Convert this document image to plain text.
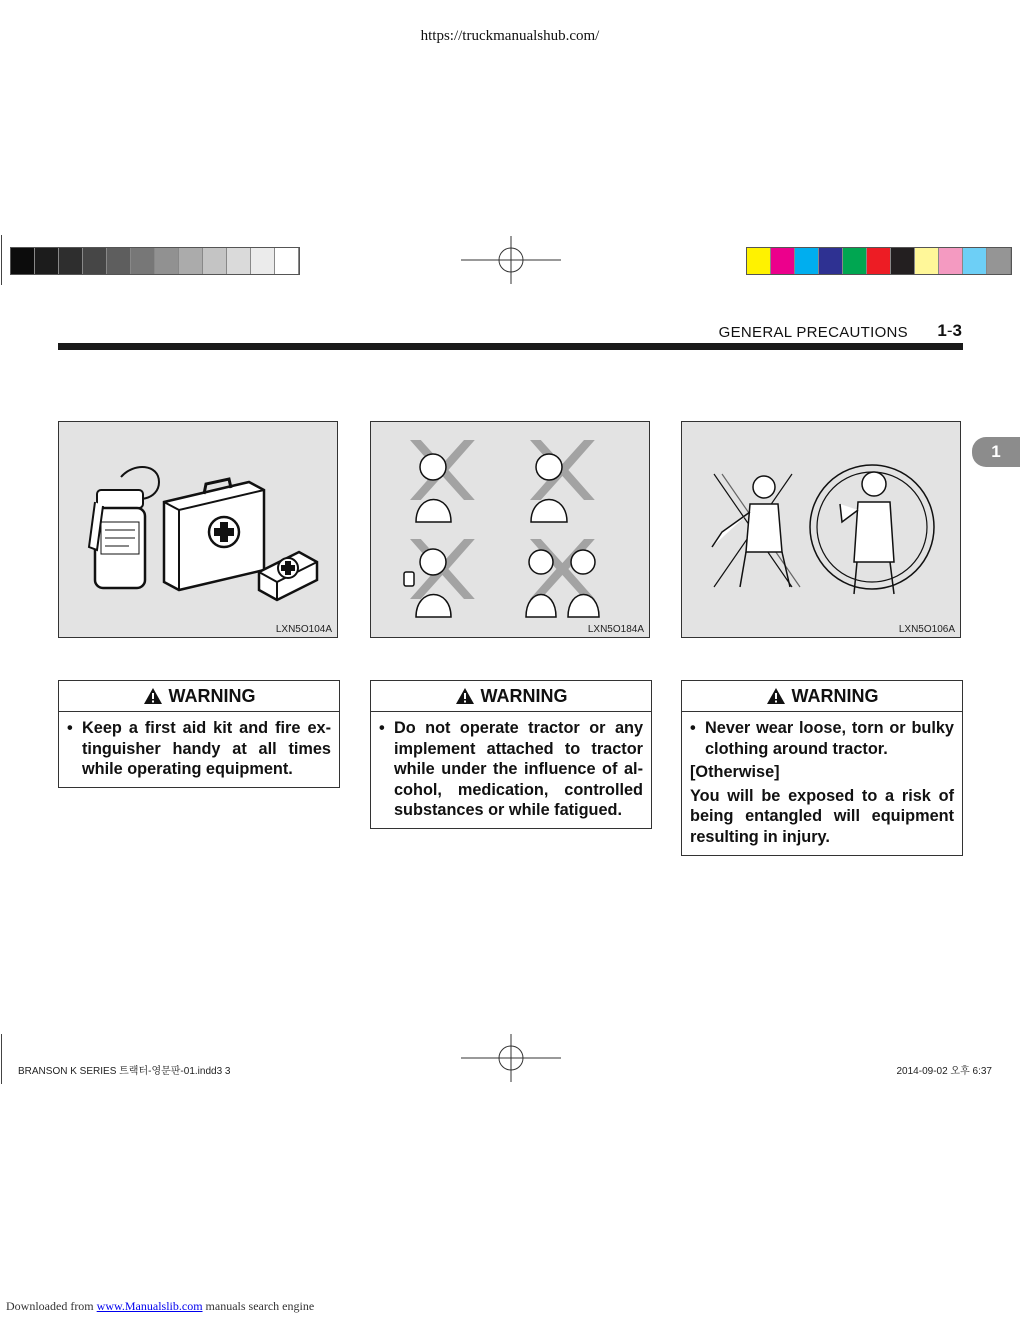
https://truckmanualshub.com/
GENERAL PRECAUTIONS 1-3
1
LXN5O104A	LXN5O184A	LXN5O106A
WARNING
• Keep a first aid kit and fire ex-tinguisher handy at all times while operating equipment.
WARNING
• Do not operate tractor or any implement attached to tractor while under the influence of al-cohol, medication, controlled substances or while fatigued.
WARNING
• Never wear loose, torn or bulky clothing around tractor.
[Otherwise]
You will be exposed to a risk of being entangled will equipment resulting in injury.
BRANSON K SERIES 트랙터-영문판-01.indd3 3	2014-09-02 오후 6:37
Downloaded from www.Manualslib.com manuals search engine
